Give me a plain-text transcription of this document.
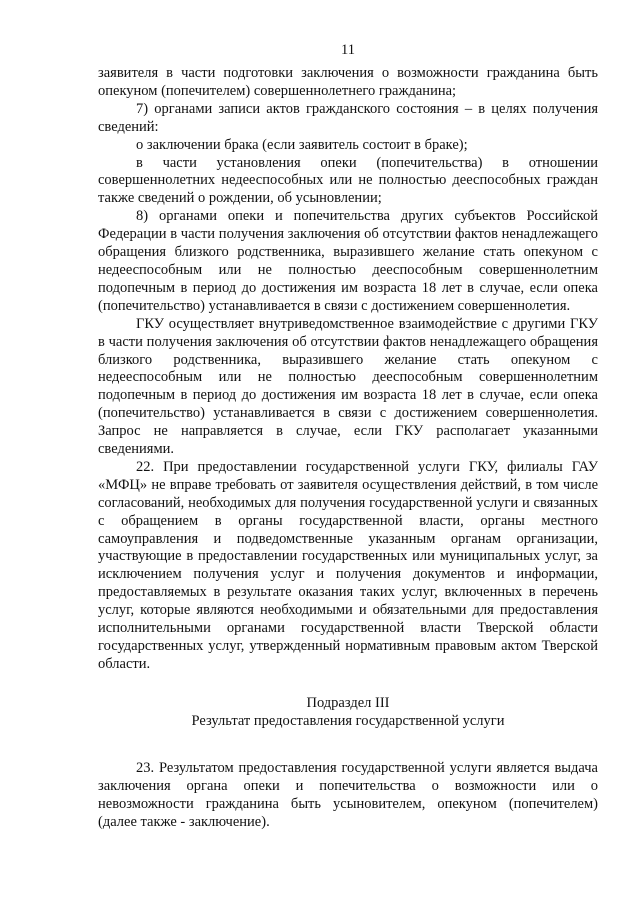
11

заявителя в части подготовки заключения о возможности гражданина быть опекуном (попечителем) совершеннолетнего гражданина;

7) органами записи актов гражданского состояния – в целях получения сведений:

о заключении брака (если заявитель состоит в браке);

в части установления опеки (попечительства) в отношении совершеннолетних недееспособных или не полностью дееспособных граждан также сведений о рождении, об усыновлении;

8) органами опеки и попечительства других субъектов Российской Федерации в части получения заключения об отсутствии фактов ненадлежащего обращения близкого родственника, выразившего желание стать опекуном с недееспособным или не полностью дееспособным совершеннолетним подопечным в период до достижения им возраста 18 лет в случае, если опека (попечительство) устанавливается в связи с достижением совершеннолетия.

ГКУ осуществляет внутриведомственное взаимодействие с другими ГКУ в части получения заключения об отсутствии фактов ненадлежащего обращения близкого родственника, выразившего желание стать опекуном с недееспособным или не полностью дееспособным совершеннолетним подопечным в период до достижения им возраста 18 лет в случае, если опека (попечительство) устанавливается в связи с достижением совершеннолетия. Запрос не направляется в случае, если ГКУ располагает указанными сведениями.

22. При предоставлении государственной услуги ГКУ, филиалы ГАУ «МФЦ» не вправе требовать от заявителя осуществления действий, в том числе согласований, необходимых для получения государственной услуги и связанных с обращением в органы государственной власти, органы местного самоуправления и подведомственные указанным органам организации, участвующие в предоставлении государственных или муниципальных услуг, за исключением получения услуг и получения документов и информации, предоставляемых в результате оказания таких услуг, включенных в перечень услуг, которые являются необходимыми и обязательными для предоставления исполнительными органами государственной власти Тверской области государственных услуг, утвержденный нормативным правовым актом Тверской области.

Подраздел III
Результат предоставления государственной услуги

23. Результатом предоставления государственной услуги является выдача заключения органа опеки и попечительства о возможности или о невозможности гражданина быть усыновителем, опекуном (попечителем) (далее также - заключение).
